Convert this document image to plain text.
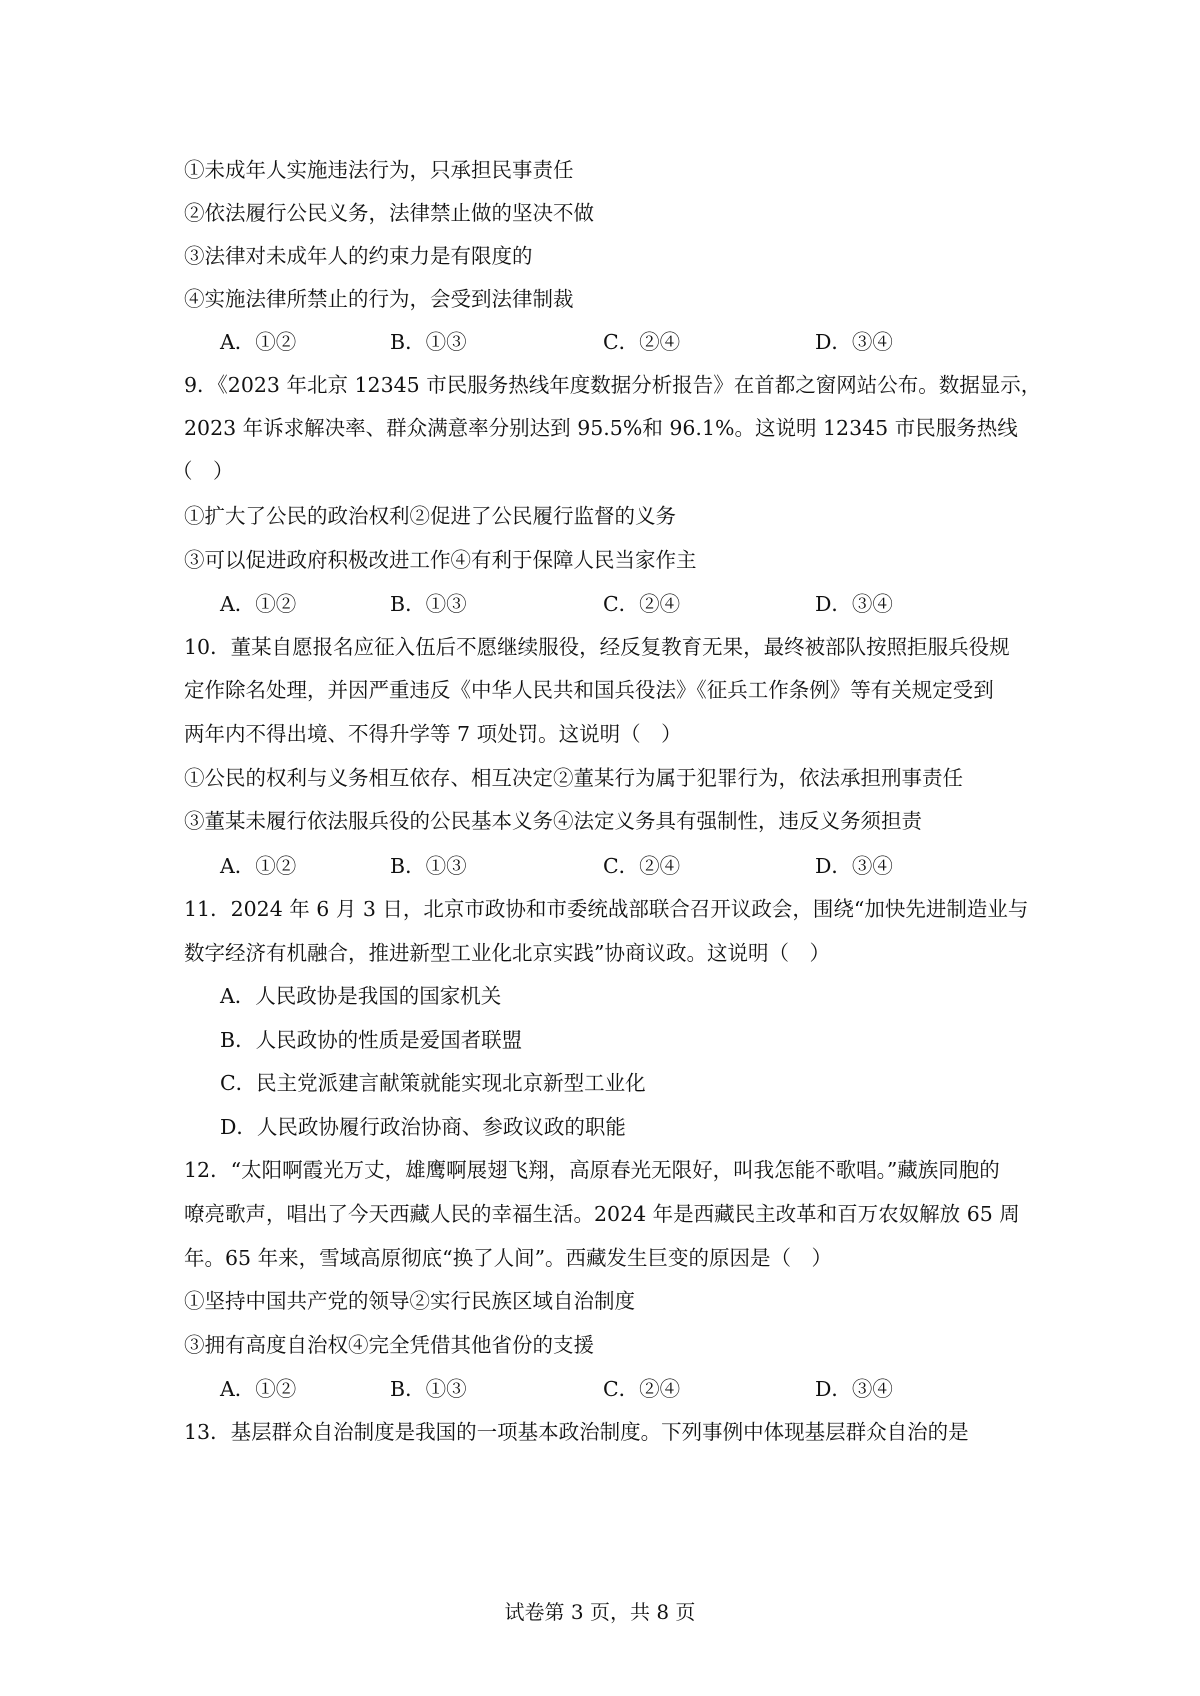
①未成年人实施违法行为，只承担民事责任
②依法履行公民义务，法律禁止做的坚决不做
③法律对未成年人的约束力是有限度的
④实施法律所禁止的行为，会受到法律制裁
A．①②	B．①③	C．②④	D．③④
9．《2023 年北京 12345 市民服务热线年度数据分析报告》在首都之窗网站公布。数据显示，
2023 年诉求解决率、群众满意率分别达到 95.5%和 96.1%。这说明 12345 市民服务热线
（　）
①扩大了公民的政治权利②促进了公民履行监督的义务
③可以促进政府积极改进工作④有利于保障人民当家作主
A．①②	B．①③	C．②④	D．③④
10．董某自愿报名应征入伍后不愿继续服役，经反复教育无果，最终被部队按照拒服兵役规
定作除名处理，并因严重违反《中华人民共和国兵役法》《征兵工作条例》等有关规定受到
两年内不得出境、不得升学等 7 项处罚。这说明（　）
①公民的权利与义务相互依存、相互决定②董某行为属于犯罪行为，依法承担刑事责任
③董某未履行依法服兵役的公民基本义务④法定义务具有强制性，违反义务须担责
A．①②	B．①③	C．②④	D．③④
11．2024 年 6 月 3 日，北京市政协和市委统战部联合召开议政会，围绕“加快先进制造业与
数字经济有机融合，推进新型工业化北京实践”协商议政。这说明（　）
A．人民政协是我国的国家机关
B．人民政协的性质是爱国者联盟
C．民主党派建言献策就能实现北京新型工业化
D．人民政协履行政治协商、参政议政的职能
12．“太阳啊霞光万丈，雄鹰啊展翅飞翔，高原春光无限好，叫我怎能不歌唱。”藏族同胞的
嘹亮歌声，唱出了今天西藏人民的幸福生活。2024 年是西藏民主改革和百万农奴解放 65 周
年。65 年来，雪域高原彻底“换了人间”。西藏发生巨变的原因是（　）
①坚持中国共产党的领导②实行民族区域自治制度
③拥有高度自治权④完全凭借其他省份的支援
A．①②	B．①③	C．②④	D．③④
13．基层群众自治制度是我国的一项基本政治制度。下列事例中体现基层群众自治的是
试卷第 3 页，共 8 页
